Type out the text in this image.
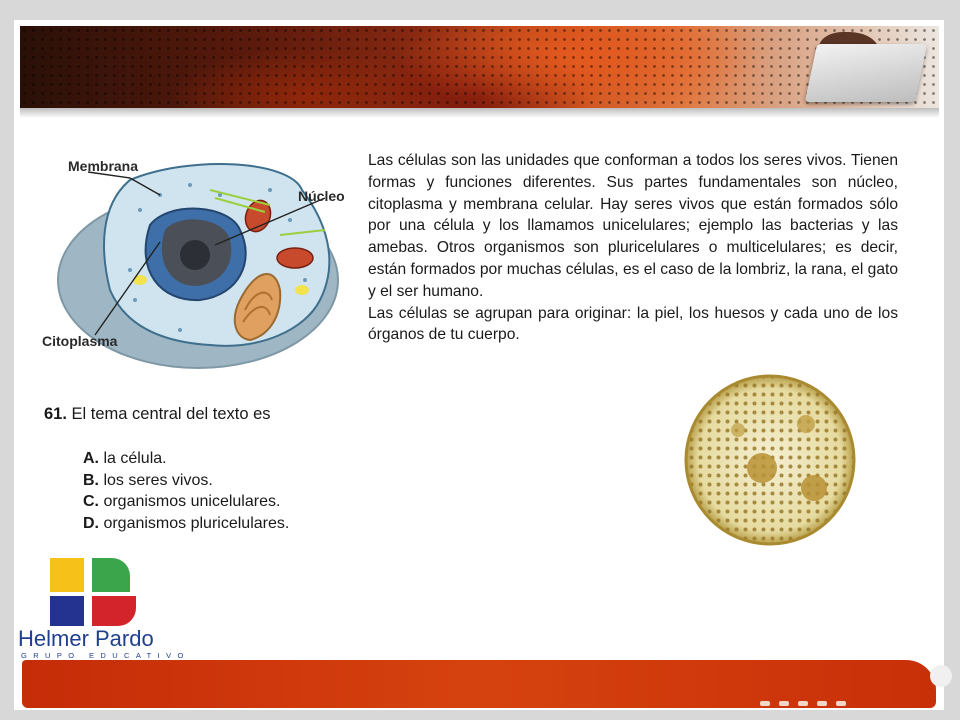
Membrana
Núcleo
Citoplasma

Las células son las unidades que conforman a todos los seres vivos. Tienen formas y funciones diferentes. Sus partes fundamentales son núcleo, citoplasma y membrana celular. Hay seres vivos que están formados sólo por una célula y los llamamos unicelulares; ejemplo las bacterias y las amebas. Otros organismos son pluricelulares o multicelulares; es decir, están formados por muchas células, es el caso de la lombriz, la rana, el gato y el ser humano.

Las células se agrupan para originar: la piel, los huesos y cada uno de los órganos de tu cuerpo.

61. El tema central del texto es
A. la célula.
B. los seres vivos.
C. organismos unicelulares.
D. organismos pluricelulares.
Helmer Pardo
GRUPO EDUCATIVO
